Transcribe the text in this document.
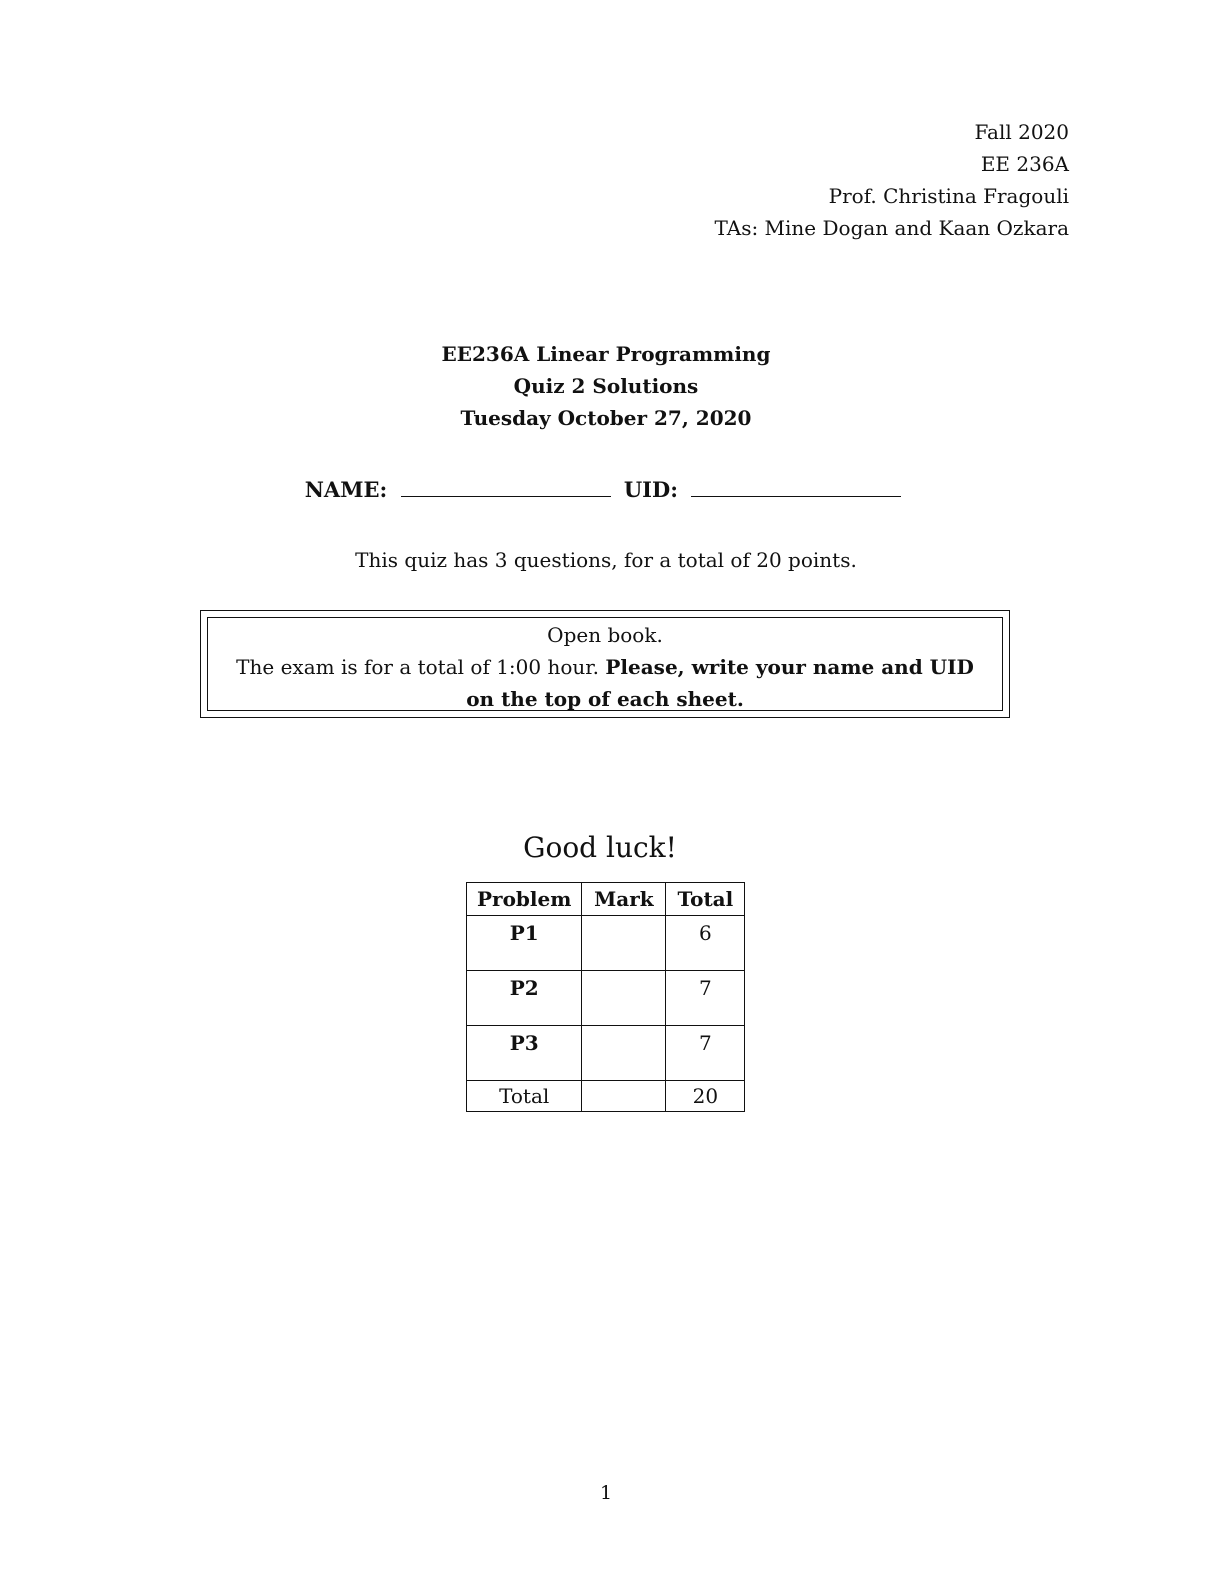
Fall 2020
EE 236A
Prof. Christina Fragouli
TAs: Mine Dogan and Kaan Ozkara
EE236A Linear Programming
Quiz 2 Solutions
Tuesday October 27, 2020
NAME:	UID:
This quiz has 3 questions, for a total of 20 points.
Open book.
The exam is for a total of 1:00 hour. Please, write your name and UID on the top of each sheet.
Good luck!
Problem	Mark	Total
P1		6
P2		7
P3		7
Total		20
1
